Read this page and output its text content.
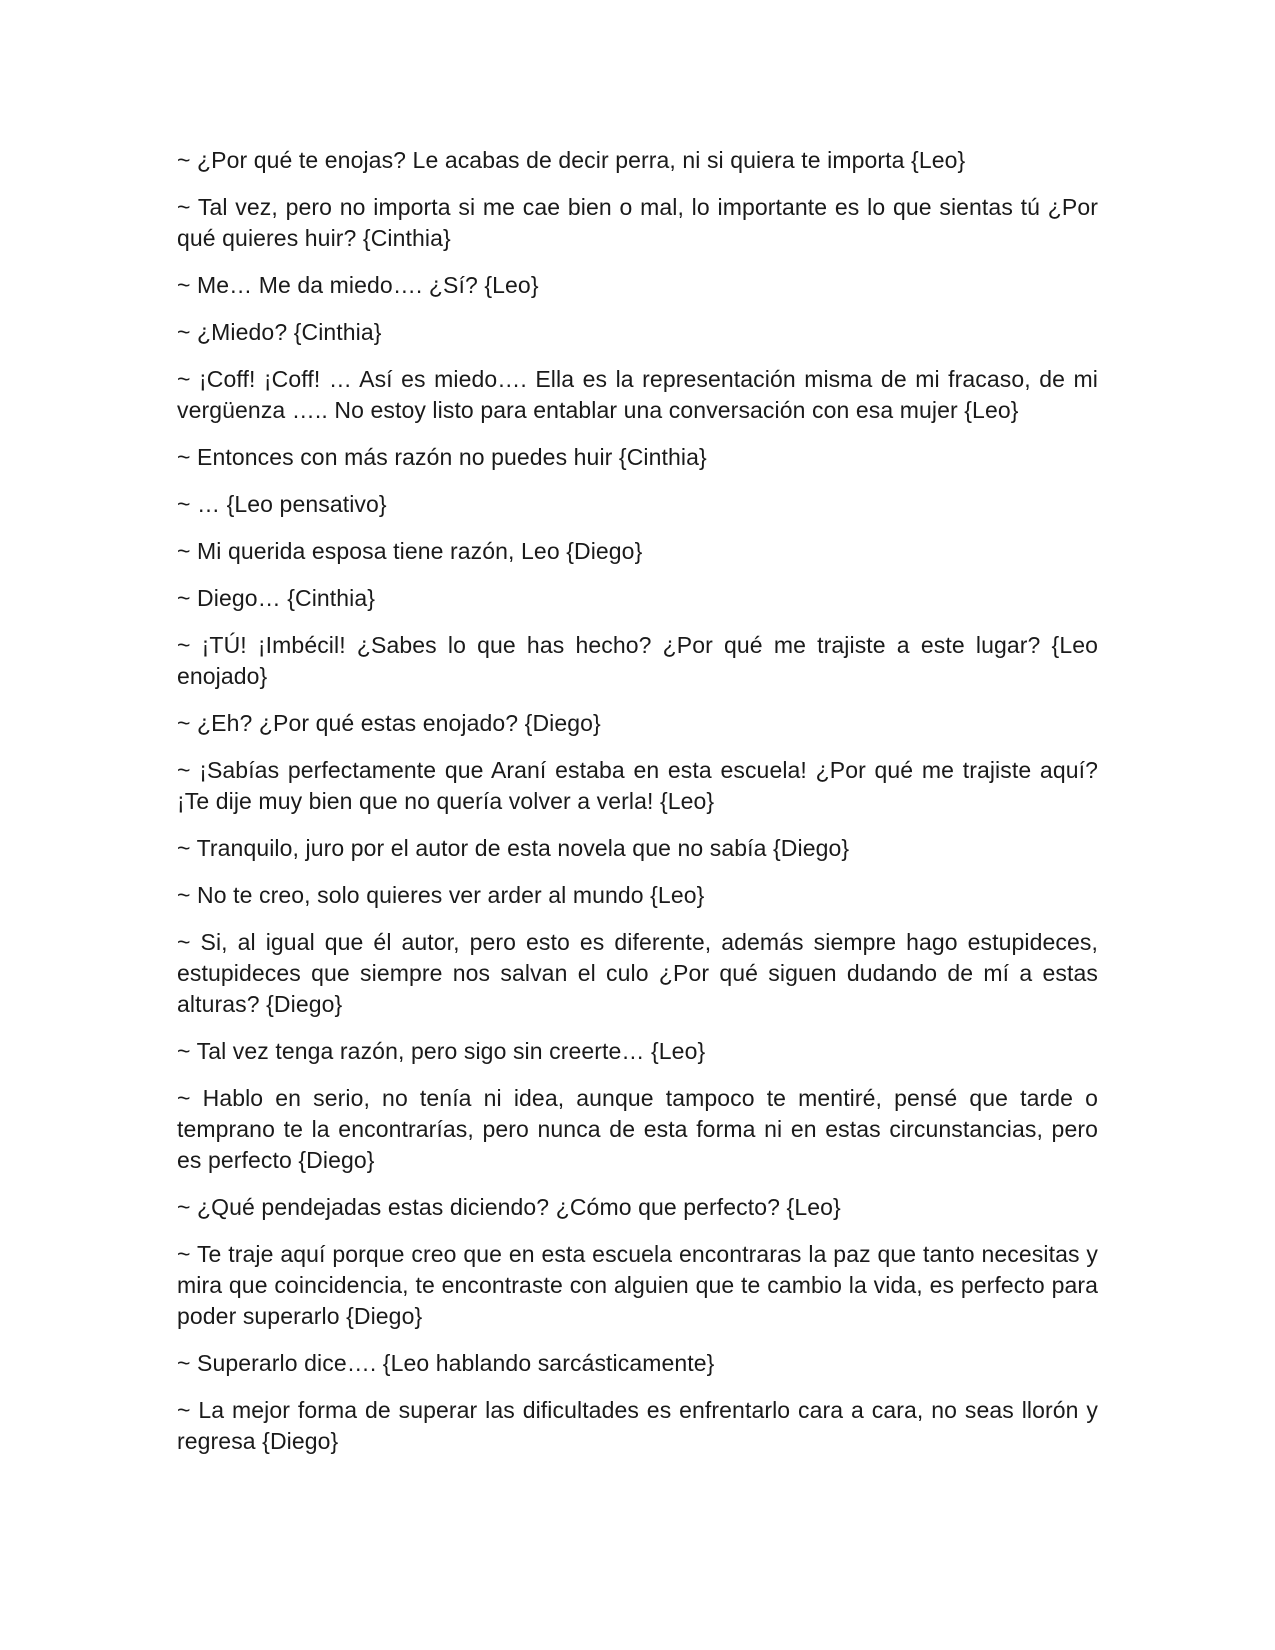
~ ¿Por qué te enojas? Le acabas de decir perra, ni si quiera te importa {Leo}

~ Tal vez, pero no importa si me cae bien o mal, lo importante es lo que sientas tú ¿Por qué quieres huir? {Cinthia}

~ Me… Me da miedo…. ¿Sí? {Leo}

~ ¿Miedo? {Cinthia}

~ ¡Coff! ¡Coff! … Así es miedo…. Ella es la representación misma de mi fracaso, de mi vergüenza ….. No estoy listo para entablar una conversación con esa mujer {Leo}

~ Entonces con más razón no puedes huir {Cinthia}

~ … {Leo pensativo}

~ Mi querida esposa tiene razón, Leo {Diego}

~ Diego… {Cinthia}

~ ¡TÚ! ¡Imbécil! ¿Sabes lo que has hecho? ¿Por qué me trajiste a este lugar? {Leo enojado}

~ ¿Eh? ¿Por qué estas enojado? {Diego}

~ ¡Sabías perfectamente que Araní estaba en esta escuela! ¿Por qué me trajiste aquí? ¡Te dije muy bien que no quería volver a verla! {Leo}

~ Tranquilo, juro por el autor de esta novela que no sabía {Diego}

~ No te creo, solo quieres ver arder al mundo {Leo}

~ Si, al igual que él autor, pero esto es diferente, además siempre hago estupideces, estupideces que siempre nos salvan el culo ¿Por qué siguen dudando de mí a estas alturas? {Diego}

~ Tal vez tenga razón, pero sigo sin creerte… {Leo}

~ Hablo en serio, no tenía ni idea, aunque tampoco te mentiré, pensé que tarde o temprano te la encontrarías, pero nunca de esta forma ni en estas circunstancias, pero es perfecto {Diego}

~ ¿Qué pendejadas estas diciendo? ¿Cómo que perfecto? {Leo}

~ Te traje aquí porque creo que en esta escuela encontraras la paz que tanto necesitas y mira que coincidencia, te encontraste con alguien que te cambio la vida, es perfecto para poder superarlo {Diego}

~ Superarlo dice…. {Leo hablando sarcásticamente}

~ La mejor forma de superar las dificultades es enfrentarlo cara a cara, no seas llorón y regresa {Diego}
